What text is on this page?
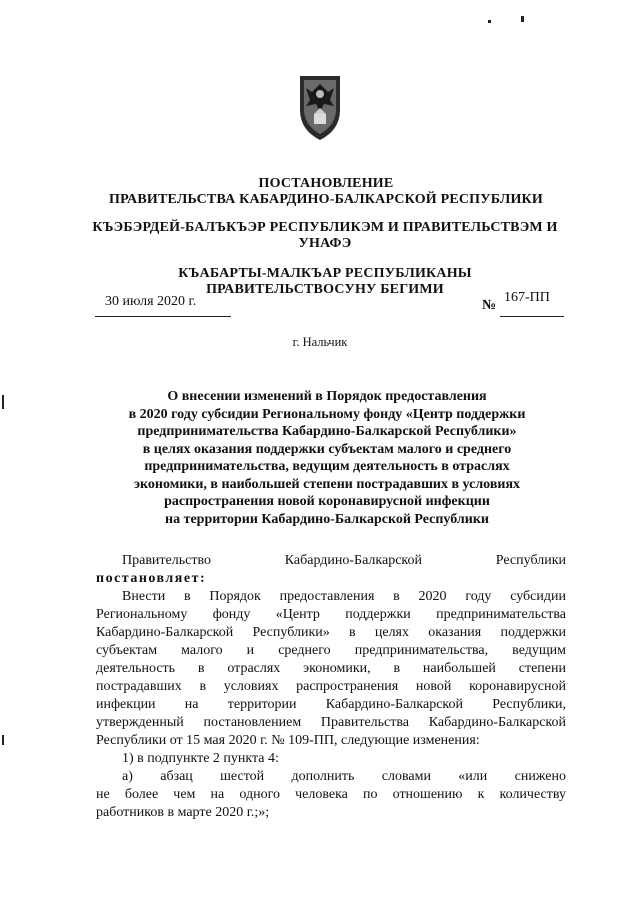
ПОСТАНОВЛЕНИЕ
ПРАВИТЕЛЬСТВА КАБАРДИНО-БАЛКАРСКОЙ РЕСПУБЛИКИ
КЪЭБЭРДЕЙ-БАЛЪКЪЭР РЕСПУБЛИКЭМ И ПРАВИТЕЛЬСТВЭМ И УНАФЭ
КЪАБАРТЫ-МАЛКЪАР РЕСПУБЛИКАНЫ ПРАВИТЕЛЬСТВОСУНУ БЕГИМИ
30 июля 2020 г.	№
167-ПП
г. Нальчик
О внесении изменений в Порядок предоставления
в 2020 году субсидии Региональному фонду «Центр поддержки
предпринимательства Кабардино-Балкарской Республики»
в целях оказания поддержки субъектам малого и среднего
предпринимательства, ведущим деятельность в отраслях
экономики, в наибольшей степени пострадавших в условиях
распространения новой коронавирусной инфекции
на территории Кабардино-Балкарской Республики

Правительство Кабардино-Балкарской Республики

постановляет:

Внести в Порядок предоставления в 2020 году субсидии

Региональному фонду «Центр поддержки предпринимательства

Кабардино-Балкарской Республики» в целях оказания поддержки

субъектам малого и среднего предпринимательства, ведущим

деятельность в отраслях экономики, в наибольшей степени

пострадавших в условиях распространения новой коронавирусной

инфекции на территории Кабардино-Балкарской Республики,

утвержденный постановлением Правительства Кабардино-Балкарской

Республики от 15 мая 2020 г. № 109-ПП, следующие изменения:

1) в подпункте 2 пункта 4:

а) абзац шестой дополнить словами «или снижено

не более чем на одного человека по отношению к количеству

работников в марте 2020 г.;»;
